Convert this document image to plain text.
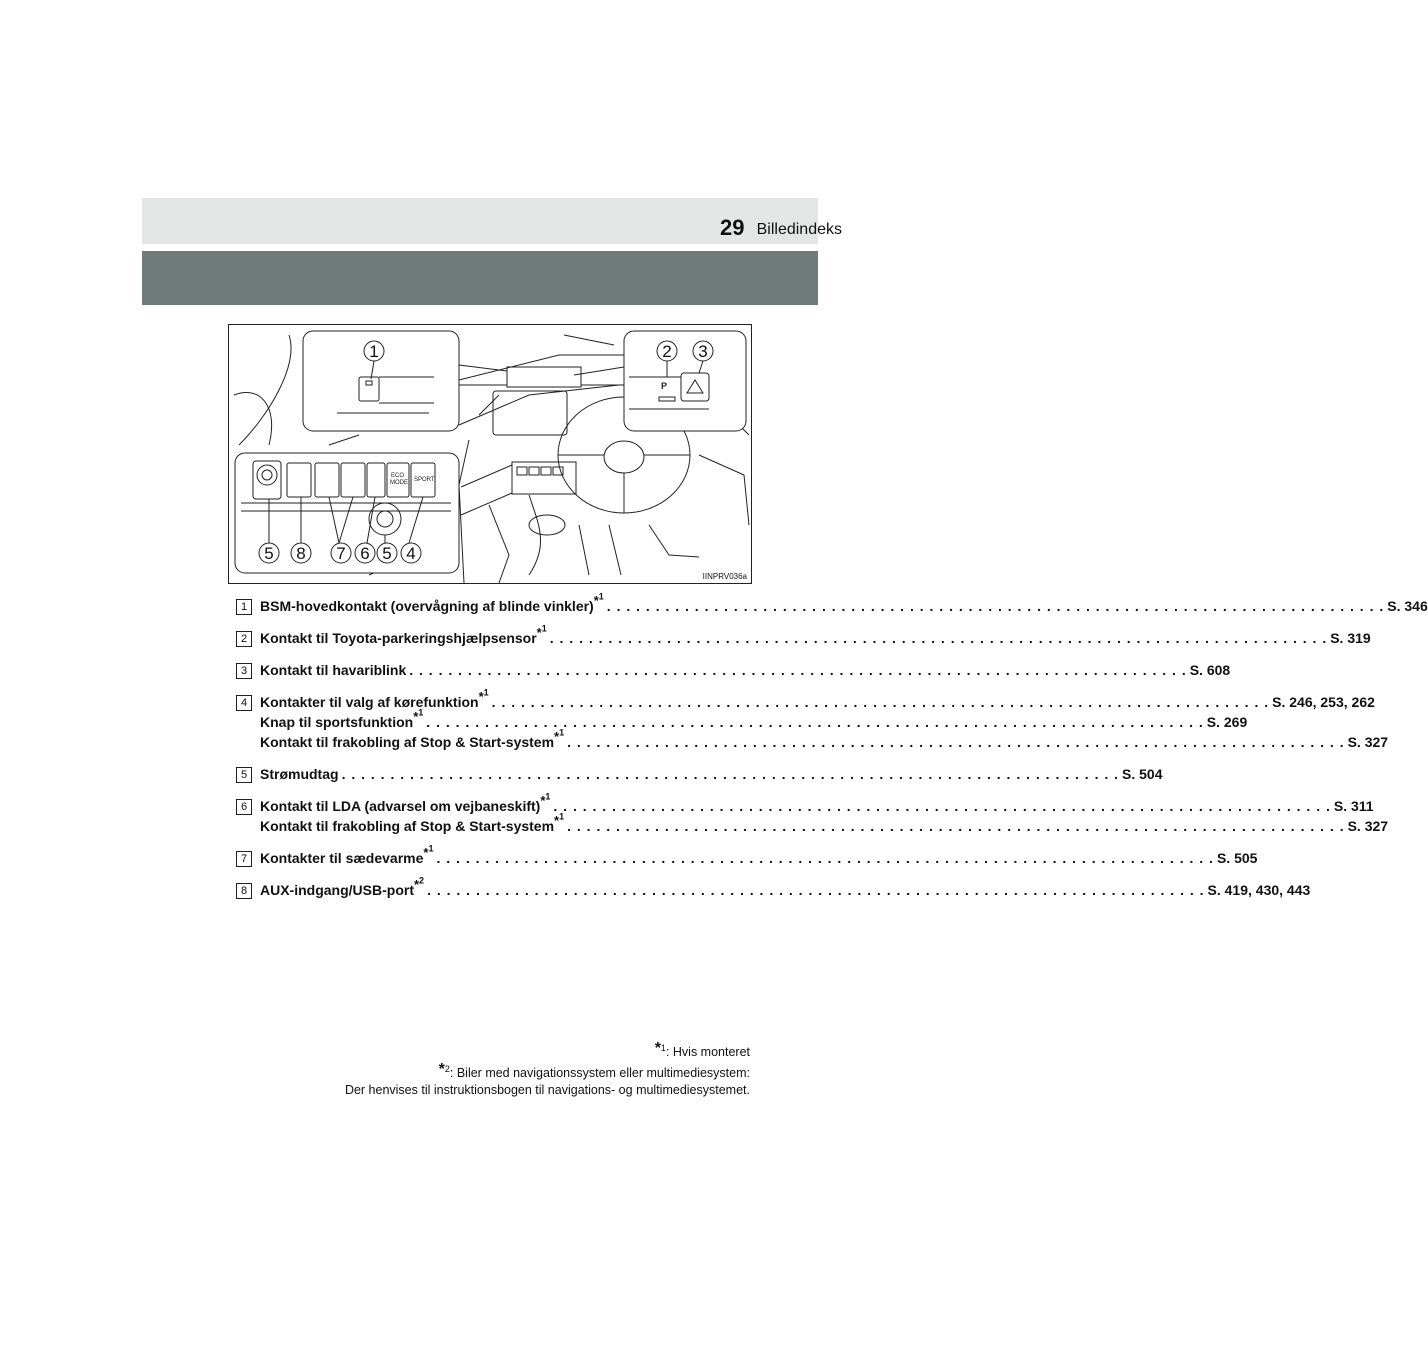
Billedindeks
29
ECO
MODE SPORT
P
1	2 3
5 8 7 6 5 4
IINPRV036a
1 BSM-hovedkontakt (overvågning af blinde vinkler)$^{*^1}$
. . . . . . . . . . . . . . . . . . . . . . . . . . . . . . . . . . . . . . . . . . . . . . . . . . . . . . . . . . . . . . . . . . . . . . . . . . . . . . . . S. 346
2 Kontakt til Toyota-parkeringshjælpsensor$^{*^1}$
. . . . . . . . . . . . . . . . . . . . . . . . . . . . . . . . . . . . . . . . . . . . . . . . . . . . . . . . . . . . . . . . . . . . . . . . . . . . . . . . S. 319
3 Kontakt til havariblink . . . . . . . . . . . . . . . . . . . . . . . . . . . . . . . . . . . . . . . . . . . . . . . . . . . . . . . . . . . . . . . . . . . . . . . . . . . . . . . . S. 608
4 Kontakter til valg af kørefunktion$^{*^1}$
. . . . . . . . . . . . . . . . . . . . . . . . . . . . . . . . . . . . . . . . . . . . . . . . . . . . . . . . . . . . . . . . . . . . . . . . . . . . . . . . S. 246, 253, 262
Knap til sportsfunktion$^{*^1}$
. . . . . . . . . . . . . . . . . . . . . . . . . . . . . . . . . . . . . . . . . . . . . . . . . . . . . . . . . . . . . . . . . . . . . . . . . . . . . . . . S. 269
Kontakt til frakobling af Stop & Start-system$^{*^1}$
. . . . . . . . . . . . . . . . . . . . . . . . . . . . . . . . . . . . . . . . . . . . . . . . . . . . . . . . . . . . . . . . . . . . . . . . . . . . . . . . S. 327
5 Strømudtag . . . . . . . . . . . . . . . . . . . . . . . . . . . . . . . . . . . . . . . . . . . . . . . . . . . . . . . . . . . . . . . . . . . . . . . . . . . . . . . . S. 504
6 Kontakt til LDA (advarsel om vejbaneskift)$^{*^1}$
. . . . . . . . . . . . . . . . . . . . . . . . . . . . . . . . . . . . . . . . . . . . . . . . . . . . . . . . . . . . . . . . . . . . . . . . . . . . . . . . S. 311
Kontakt til frakobling af Stop & Start-system$^{*^1}$
. . . . . . . . . . . . . . . . . . . . . . . . . . . . . . . . . . . . . . . . . . . . . . . . . . . . . . . . . . . . . . . . . . . . . . . . . . . . . . . . S. 327
7 Kontakter til sædevarme$^{*^1}$
. . . . . . . . . . . . . . . . . . . . . . . . . . . . . . . . . . . . . . . . . . . . . . . . . . . . . . . . . . . . . . . . . . . . . . . . . . . . . . . . S. 505
8 AUX-indgang/USB-port$^{*^2}$
. . . . . . . . . . . . . . . . . . . . . . . . . . . . . . . . . . . . . . . . . . . . . . . . . . . . . . . . . . . . . . . . . . . . . . . . . . . . . . . . S. 419, 430, 443
*$^1$: Hvis monteret
*$^2$: Biler med navigationssystem eller multimediesystem:
Der henvises til instruktionsbogen til navigations- og multimediesystemet.
